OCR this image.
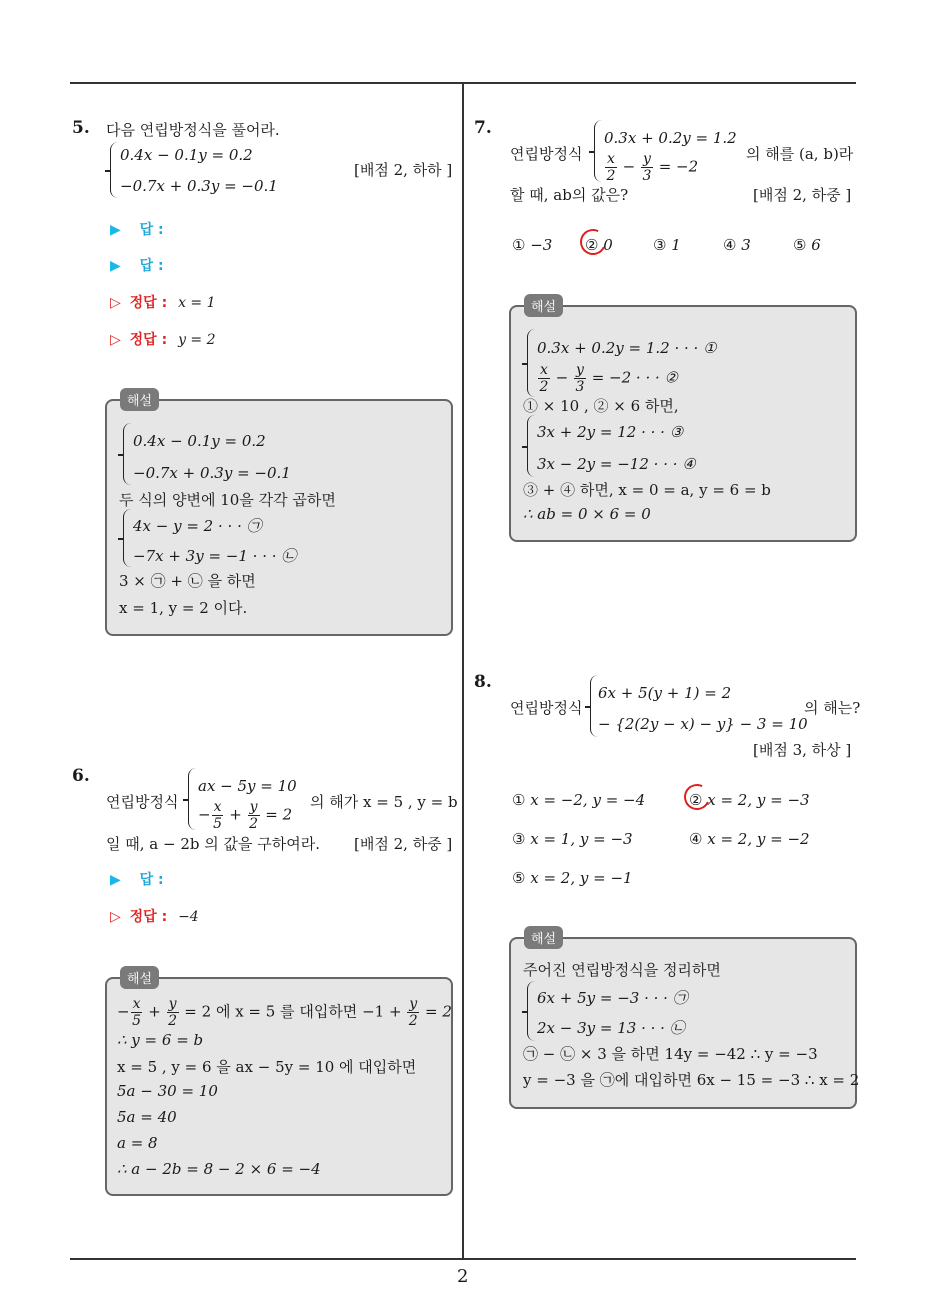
5. 다음 연립방정식을 풀어라.
0.4x − 0.1y = 0.2
−0.7x + 0.3y = −0.1
[배점 2, 하하 ]
▶ 답 :
▶ 답 :
▷ 정답 : x = 1
▷ 정답 : y = 2
0.4x − 0.1y = 0.2
−0.7x + 0.3y = −0.1
두 식의 양변에 10을 각각 곱하면
4x − y = 2 · · · ㉠
−7x + 3y = −1 · · · ㉡
3 × ㉠ + ㉡ 을 하면
x = 1, y = 2 이다.
해설
6.
연립방정식
ax − 5y = 10
− $\frac{x}{5} + \frac{y}{2} = 2$
의 해가 x = 5 , y = b
일 때, a − 2b 의 값을 구하여라. [배점 2, 하중 ]
▶ 답 :
▷ 정답 : −4
− $\frac{x}{5} + \frac{y}{2} = 2$ 에 x = 5 를 대입하면 $-1 + \frac{y}{2} = 2$
∴ y = 6 = b
x = 5 , y = 6 을 ax − 5y = 10 에 대입하면
5a − 30 = 10
5a = 40
a = 8
∴ a − 2b = 8 − 2 × 6 = −4
해설
7.
연립방정식
0.3x + 0.2y = 1.2
$\frac{x}{2} - \frac{y}{3} = -2$
의 해를 (a, b)라
할 때, ab의 값은?	[배점 2, 하중 ]
① −3 ② 0	③ 1	④ 3	⑤ 6
0.3x + 0.2y = 1.2 · · · ①
$\frac{x}{2} - \frac{y}{3} = -2$ · · · ②
① × 10 , ② × 6 하면,
3x + 2y = 12 · · · ③
3x − 2y = −12 · · · ④
③ + ④ 하면, x = 0 = a, y = 6 = b
∴ ab = 0 × 6 = 0
해설
8.
연립방정식
6x + 5(y + 1) = 2
− {2(2y − x) − y} − 3 = 10
의 해는?
[배점 3, 하상 ]
① x = −2, y = −4	② x = 2, y = −3
③ x = 1, y = −3	④ x = 2, y = −2
⑤ x = 2, y = −1
주어진 연립방정식을 정리하면
6x + 5y = −3 · · · ㉠
2x − 3y = 13 · · · ㉡
㉠ − ㉡ × 3 을 하면 14y = −42 ∴ y = −3
y = −3 을 ㉠에 대입하면 6x − 15 = −3 ∴ x = 2
해설
2
